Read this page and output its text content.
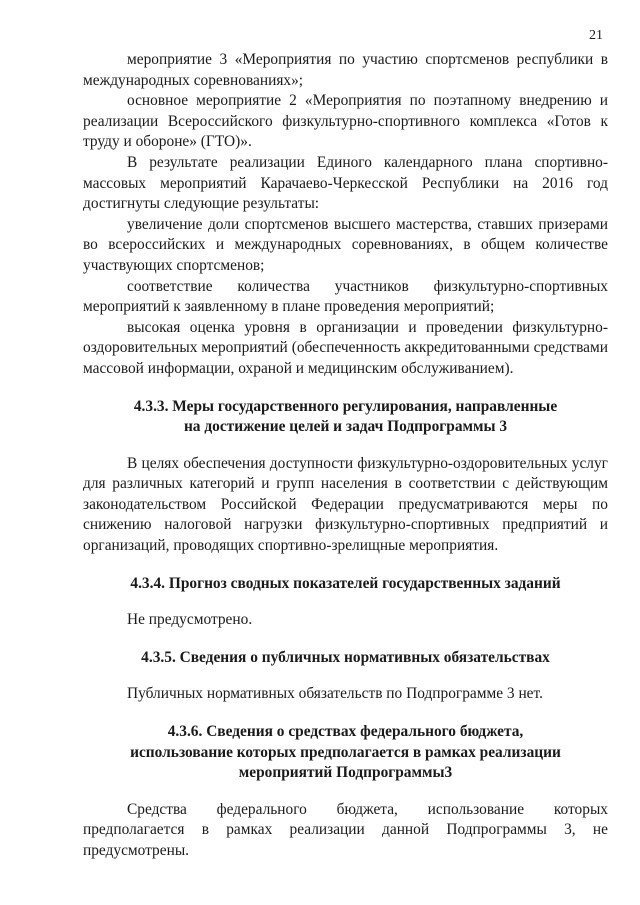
21

мероприятие 3 «Мероприятия по участию спортсменов республики в международных соревнованиях»;

основное мероприятие 2 «Мероприятия по поэтапному внедрению и реализации Всероссийского физкультурно-спортивного комплекса «Готов к труду и обороне» (ГТО)».

В результате реализации Единого календарного плана спортивно-массовых мероприятий Карачаево-Черкесской Республики на 2016 год достигнуты следующие результаты:

увеличение доли спортсменов высшего мастерства, ставших призерами во всероссийских и международных соревнованиях, в общем количестве участвующих спортсменов;

соответствие количества участников физкультурно-спортивных мероприятий к заявленному в плане проведения мероприятий;

высокая оценка уровня в организации и проведении физкультурно-оздоровительных мероприятий (обеспеченность аккредитованными средствами массовой информации, охраной и медицинским обслуживанием).

4.3.3. Меры государственного регулирования, направленные
на достижение целей и задач Подпрограммы 3

В целях обеспечения доступности физкультурно-оздоровительных услуг для различных категорий и групп населения в соответствии с действующим законодательством Российской Федерации предусматриваются меры по снижению налоговой нагрузки физкультурно-спортивных предприятий и организаций, проводящих спортивно-зрелищные мероприятия.

4.3.4. Прогноз сводных показателей государственных заданий

Не предусмотрено.

4.3.5. Сведения о публичных нормативных обязательствах

Публичных нормативных обязательств по Подпрограмме 3 нет.

4.3.6. Сведения о средствах федерального бюджета,
использование которых предполагается в рамках реализации
мероприятий Подпрограммы3

Средства федерального бюджета, использование которых предполагается в рамках реализации данной Подпрограммы 3, не предусмотрены.
